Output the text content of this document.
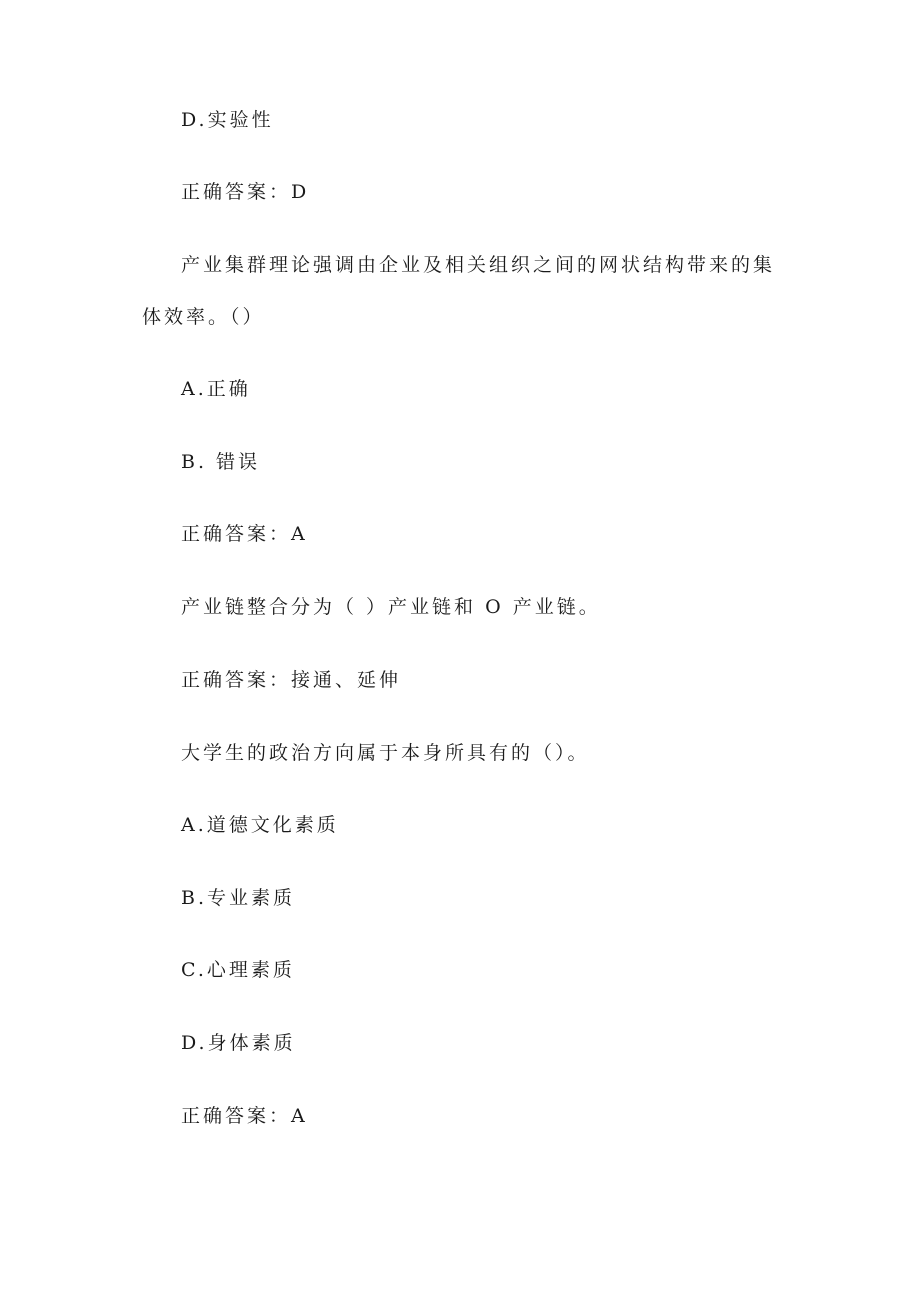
D.实验性
正确答案：D
产业集群理论强调由企业及相关组织之间的网状结构带来的集
体效率。（）
A.正确
B. 错误
正确答案：A
产业链整合分为（ ）产业链和 O 产业链。
正确答案：接通、延伸
大学生的政治方向属于本身所具有的（）。
A.道德文化素质
B.专业素质
C.心理素质
D.身体素质
正确答案：A
